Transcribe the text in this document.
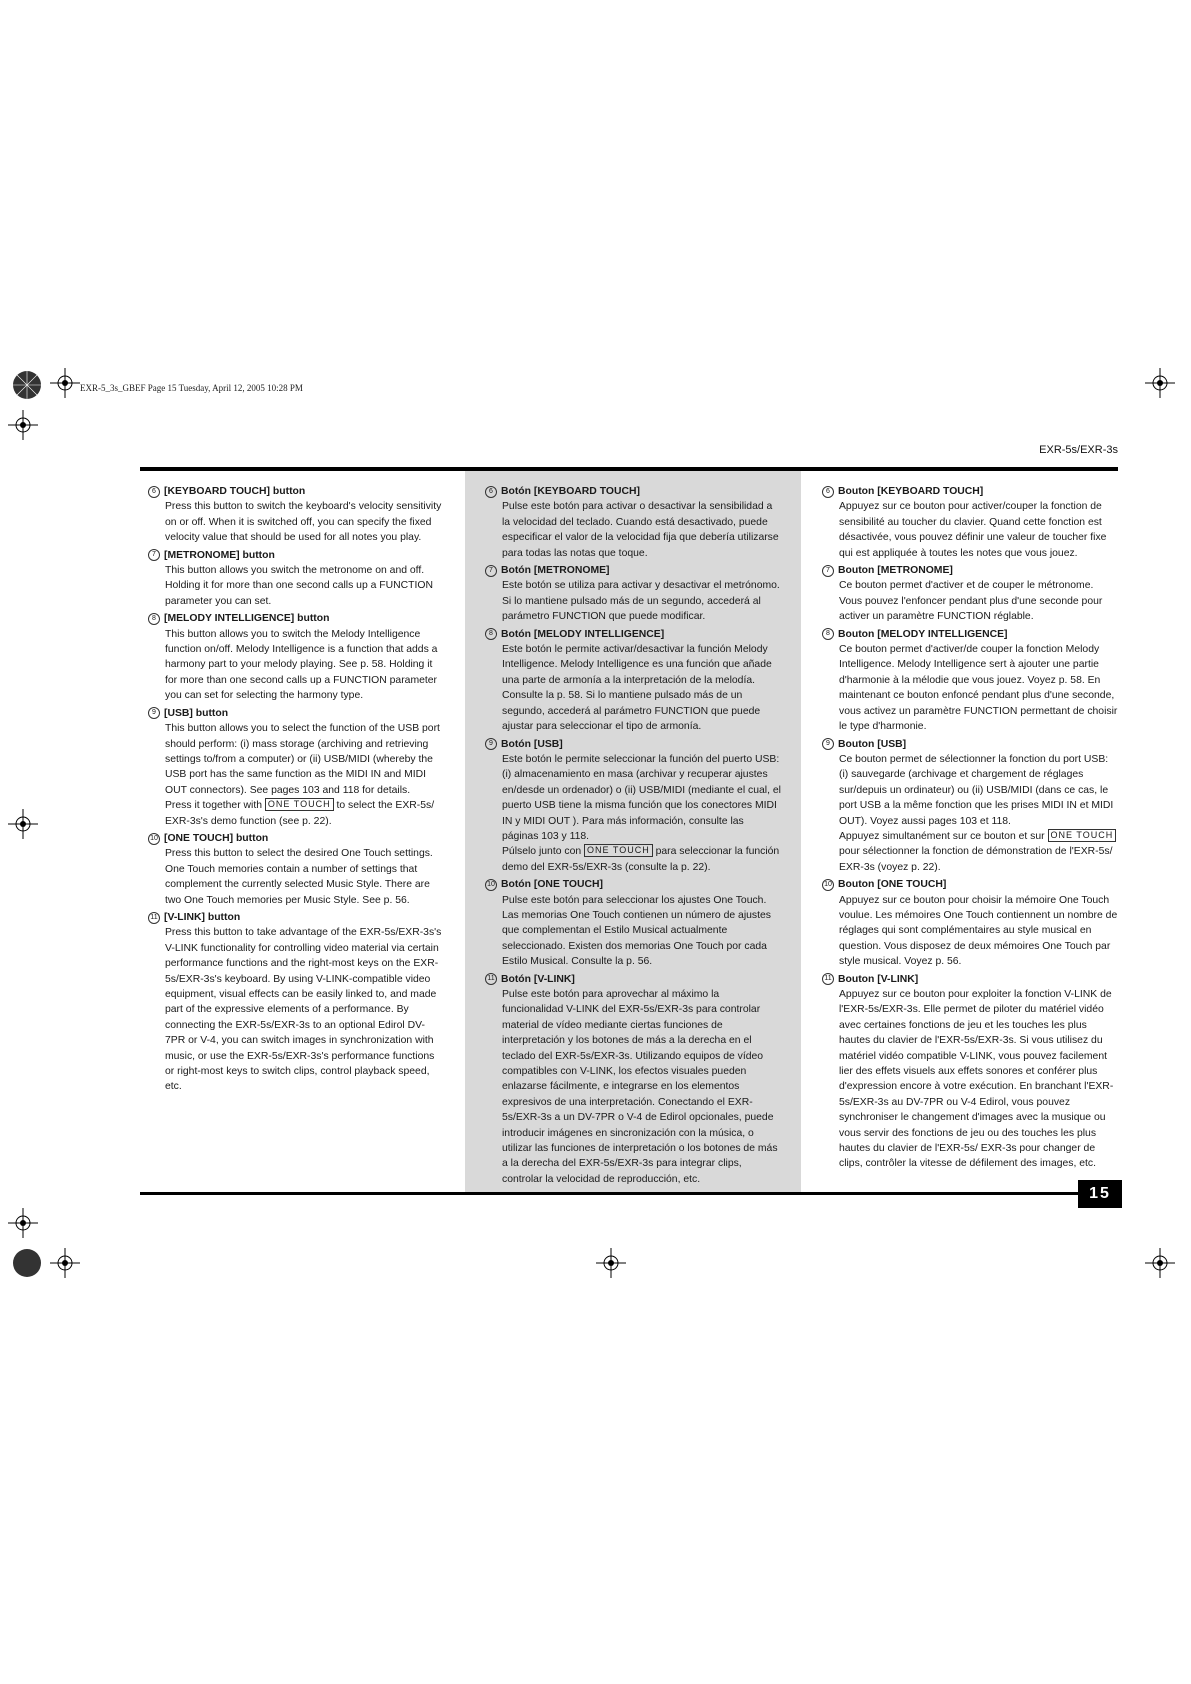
EXR-5_3s_GBEF Page 15 Tuesday, April 12, 2005 10:28 PM
EXR-5s/EXR-3s
6 [KEYBOARD TOUCH] button

Press this button to switch the keyboard's velocity sensitivity on or off. When it is switched off, you can specify the fixed velocity value that should be used for all notes you play.

7 [METRONOME] button

This button allows you switch the metronome on and off. Holding it for more than one second calls up a FUNCTION parameter you can set.

8 [MELODY INTELLIGENCE] button

This button allows you to switch the Melody Intelligence function on/off. Melody Intelligence is a function that adds a harmony part to your melody playing. See p. 58. Holding it for more than one second calls up a FUNCTION parameter you can set for selecting the harmony type.

9 [USB] button

This button allows you to select the function of the USB port should perform: (i) mass storage (archiving and retrieving settings to/from a computer) or (ii) USB/MIDI (whereby the USB port has the same function as the MIDI IN and MIDI OUT connectors). See pages 103 and 118 for details.

Press it together with ONE TOUCH to select the EXR-5s/ EXR-3s's demo function (see p. 22).

10 [ONE TOUCH] button

Press this button to select the desired One Touch settings. One Touch memories contain a number of settings that complement the currently selected Music Style. There are two One Touch memories per Music Style. See p. 56.

11 [V-LINK] button

Press this button to take advantage of the EXR-5s/EXR-3s's V-LINK functionality for controlling video material via certain performance functions and the right-most keys on the EXR-5s/EXR-3s's keyboard. By using V-LINK-compatible video equipment, visual effects can be easily linked to, and made part of the expressive elements of a performance. By connecting the EXR-5s/EXR-3s to an optional Edirol DV-7PR or V-4, you can switch images in synchronization with music, or use the EXR-5s/EXR-3s's performance functions or right-most keys to switch clips, control playback speed, etc.

6 Botón [KEYBOARD TOUCH]

Pulse este botón para activar o desactivar la sensibilidad a la velocidad del teclado. Cuando está desactivado, puede especificar el valor de la velocidad fija que debería utilizarse para todas las notas que toque.

7 Botón [METRONOME]

Este botón se utiliza para activar y desactivar el metrónomo. Si lo mantiene pulsado más de un segundo, accederá al parámetro FUNCTION que puede modificar.

8 Botón [MELODY INTELLIGENCE]

Este botón le permite activar/desactivar la función Melody Intelligence. Melody Intelligence es una función que añade una parte de armonía a la interpretación de la melodía. Consulte la p. 58. Si lo mantiene pulsado más de un segundo, accederá al parámetro FUNCTION que puede ajustar para seleccionar el tipo de armonía.

9 Botón [USB]

Este botón le permite seleccionar la función del puerto USB: (i) almacenamiento en masa (archivar y recuperar ajustes en/desde un ordenador) o (ii) USB/MIDI (mediante el cual, el puerto USB tiene la misma función que los conectores MIDI IN y MIDI OUT ). Para más información, consulte las páginas 103 y 118.

Púlselo junto con ONE TOUCH para seleccionar la función demo del EXR-5s/EXR-3s (consulte la p. 22).

10 Botón [ONE TOUCH]

Pulse este botón para seleccionar los ajustes One Touch. Las memorias One Touch contienen un número de ajustes que complementan el Estilo Musical actualmente seleccionado. Existen dos memorias One Touch por cada Estilo Musical. Consulte la p. 56.

11 Botón [V-LINK]

Pulse este botón para aprovechar al máximo la funcionalidad V-LINK del EXR-5s/EXR-3s para controlar material de vídeo mediante ciertas funciones de interpretación y los botones de más a la derecha en el teclado del EXR-5s/EXR-3s. Utilizando equipos de vídeo compatibles con V-LINK, los efectos visuales pueden enlazarse fácilmente, e integrarse en los elementos expresivos de una interpretación. Conectando el EXR-5s/EXR-3s a un DV-7PR o V-4 de Edirol opcionales, puede introducir imágenes en sincronización con la música, o utilizar las funciones de interpretación o los botones de más a la derecha del EXR-5s/EXR-3s para integrar clips, controlar la velocidad de reproducción, etc.

6 Bouton [KEYBOARD TOUCH]

Appuyez sur ce bouton pour activer/couper la fonction de sensibilité au toucher du clavier. Quand cette fonction est désactivée, vous pouvez définir une valeur de toucher fixe qui est appliquée à toutes les notes que vous jouez.

7 Bouton [METRONOME]

Ce bouton permet d'activer et de couper le métronome. Vous pouvez l'enfoncer pendant plus d'une seconde pour activer un paramètre FUNCTION réglable.

8 Bouton [MELODY INTELLIGENCE]

Ce bouton permet d'activer/de couper la fonction Melody Intelligence. Melody Intelligence sert à ajouter une partie d'harmonie à la mélodie que vous jouez. Voyez p. 58. En maintenant ce bouton enfoncé pendant plus d'une seconde, vous activez un paramètre FUNCTION permettant de choisir le type d'harmonie.

9 Bouton [USB]

Ce bouton permet de sélectionner la fonction du port USB: (i) sauvegarde (archivage et chargement de réglages sur/depuis un ordinateur) ou (ii) USB/MIDI (dans ce cas, le port USB a la même fonction que les prises MIDI IN et MIDI OUT). Voyez aussi pages 103 et 118.

Appuyez simultanément sur ce bouton et sur ONE TOUCH pour sélectionner la fonction de démonstration de l'EXR-5s/ EXR-3s (voyez p. 22).

10 Bouton [ONE TOUCH]

Appuyez sur ce bouton pour choisir la mémoire One Touch voulue. Les mémoires One Touch contiennent un nombre de réglages qui sont complémentaires au style musical en question. Vous disposez de deux mémoires One Touch par style musical. Voyez p. 56.

11 Bouton [V-LINK]

Appuyez sur ce bouton pour exploiter la fonction V-LINK de l'EXR-5s/EXR-3s. Elle permet de piloter du matériel vidéo avec certaines fonctions de jeu et les touches les plus hautes du clavier de l'EXR-5s/EXR-3s. Si vous utilisez du matériel vidéo compatible V-LINK, vous pouvez facilement lier des effets visuels aux effets sonores et conférer plus d'expression encore à votre exécution. En branchant l'EXR-5s/EXR-3s au DV-7PR ou V-4 Edirol, vous pouvez synchroniser le changement d'images avec la musique ou vous servir des fonctions de jeu ou des touches les plus hautes du clavier de l'EXR-5s/ EXR-3s pour changer de clips, contrôler la vitesse de défilement des images, etc.

15
